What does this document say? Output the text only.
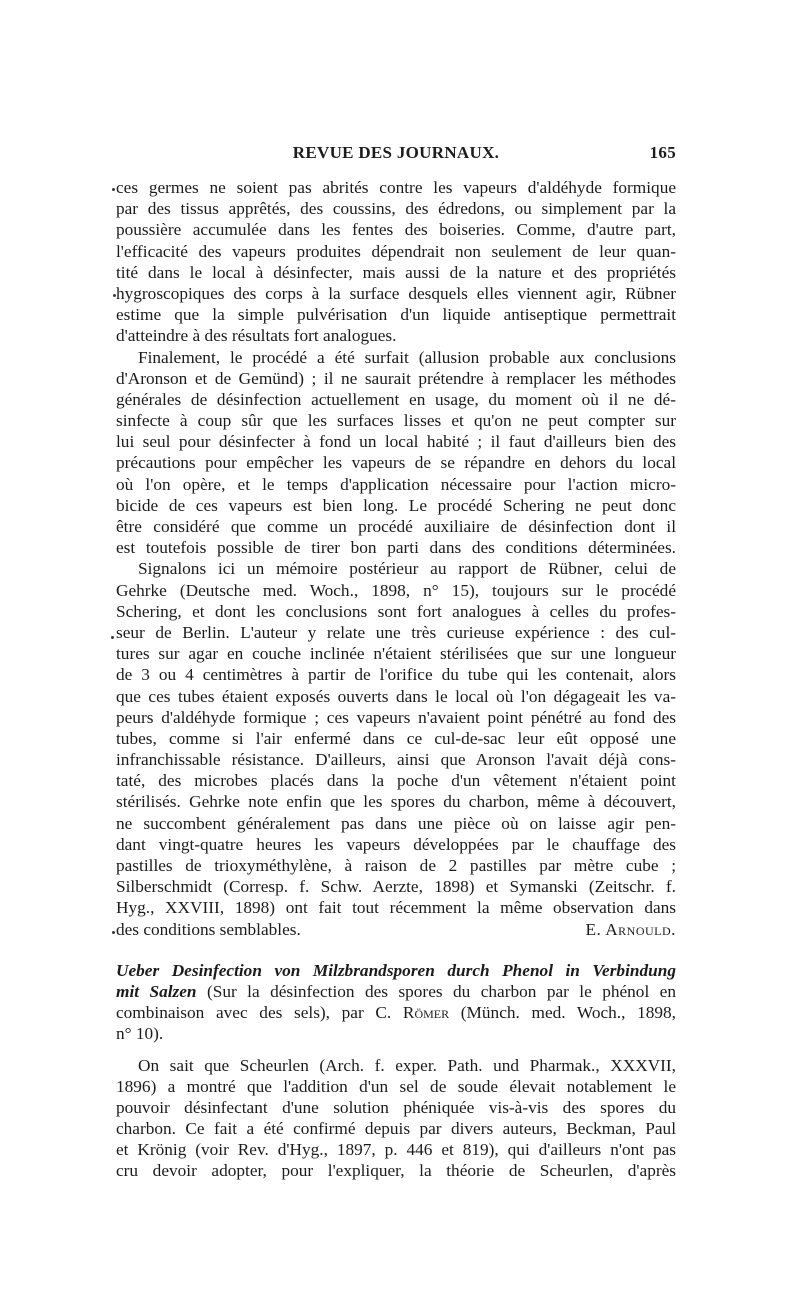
REVUE DES JOURNAUX.	165
ces germes ne soient pas abrités contre les vapeurs d'aldéhyde formique
par des tissus apprêtés, des coussins, des édredons, ou simplement par la
poussière accumulée dans les fentes des boiseries. Comme, d'autre part,
l'efficacité des vapeurs produites dépendrait non seulement de leur quan-
tité dans le local à désinfecter, mais aussi de la nature et des propriétés
hygroscopiques des corps à la surface desquels elles viennent agir, Rübner
estime que la simple pulvérisation d'un liquide antiseptique permettrait
d'atteindre à des résultats fort analogues.
Finalement, le procédé a été surfait (allusion probable aux conclusions
d'Aronson et de Gemünd) ; il ne saurait prétendre à remplacer les méthodes
générales de désinfection actuellement en usage, du moment où il ne dé-
sinfecte à coup sûr que les surfaces lisses et qu'on ne peut compter sur
lui seul pour désinfecter à fond un local habité ; il faut d'ailleurs bien des
précautions pour empêcher les vapeurs de se répandre en dehors du local
où l'on opère, et le temps d'application nécessaire pour l'action micro-
bicide de ces vapeurs est bien long. Le procédé Schering ne peut donc
être considéré que comme un procédé auxiliaire de désinfection dont il
est toutefois possible de tirer bon parti dans des conditions déterminées.
Signalons ici un mémoire postérieur au rapport de Rübner, celui de
Gehrke (Deutsche med. Woch., 1898, n° 15), toujours sur le procédé
Schering, et dont les conclusions sont fort analogues à celles du profes-
seur de Berlin. L'auteur y relate une très curieuse expérience : des cul-
tures sur agar en couche inclinée n'étaient stérilisées que sur une longueur
de 3 ou 4 centimètres à partir de l'orifice du tube qui les contenait, alors
que ces tubes étaient exposés ouverts dans le local où l'on dégageait les va-
peurs d'aldéhyde formique ; ces vapeurs n'avaient point pénétré au fond des
tubes, comme si l'air enfermé dans ce cul-de-sac leur eût opposé une
infranchissable résistance. D'ailleurs, ainsi que Aronson l'avait déjà cons-
taté, des microbes placés dans la poche d'un vêtement n'étaient point
stérilisés. Gehrke note enfin que les spores du charbon, même à découvert,
ne succombent généralement pas dans une pièce où on laisse agir pen-
dant vingt-quatre heures les vapeurs développées par le chauffage des
pastilles de trioxyméthylène, à raison de 2 pastilles par mètre cube ;
Silberschmidt (Corresp. f. Schw. Aerzte, 1898) et Symanski (Zeitschr. f.
Hyg., XXVIII, 1898) ont fait tout récemment la même observation dans
des conditions semblables.	E. Arnould.
Ueber Desinfection von Milzbrandsporen durch Phenol in Verbindung
mit Salzen (Sur la désinfection des spores du charbon par le phénol en
combinaison avec des sels), par C. Römer (Münch. med. Woch., 1898,
n° 10).
On sait que Scheurlen (Arch. f. exper. Path. und Pharmak., XXXVII,
1896) a montré que l'addition d'un sel de soude élevait notablement le
pouvoir désinfectant d'une solution phéniquée vis-à-vis des spores du
charbon. Ce fait a été confirmé depuis par divers auteurs, Beckman, Paul
et Krönig (voir Rev. d'Hyg., 1897, p. 446 et 819), qui d'ailleurs n'ont pas
cru devoir adopter, pour l'expliquer, la théorie de Scheurlen, d'après
